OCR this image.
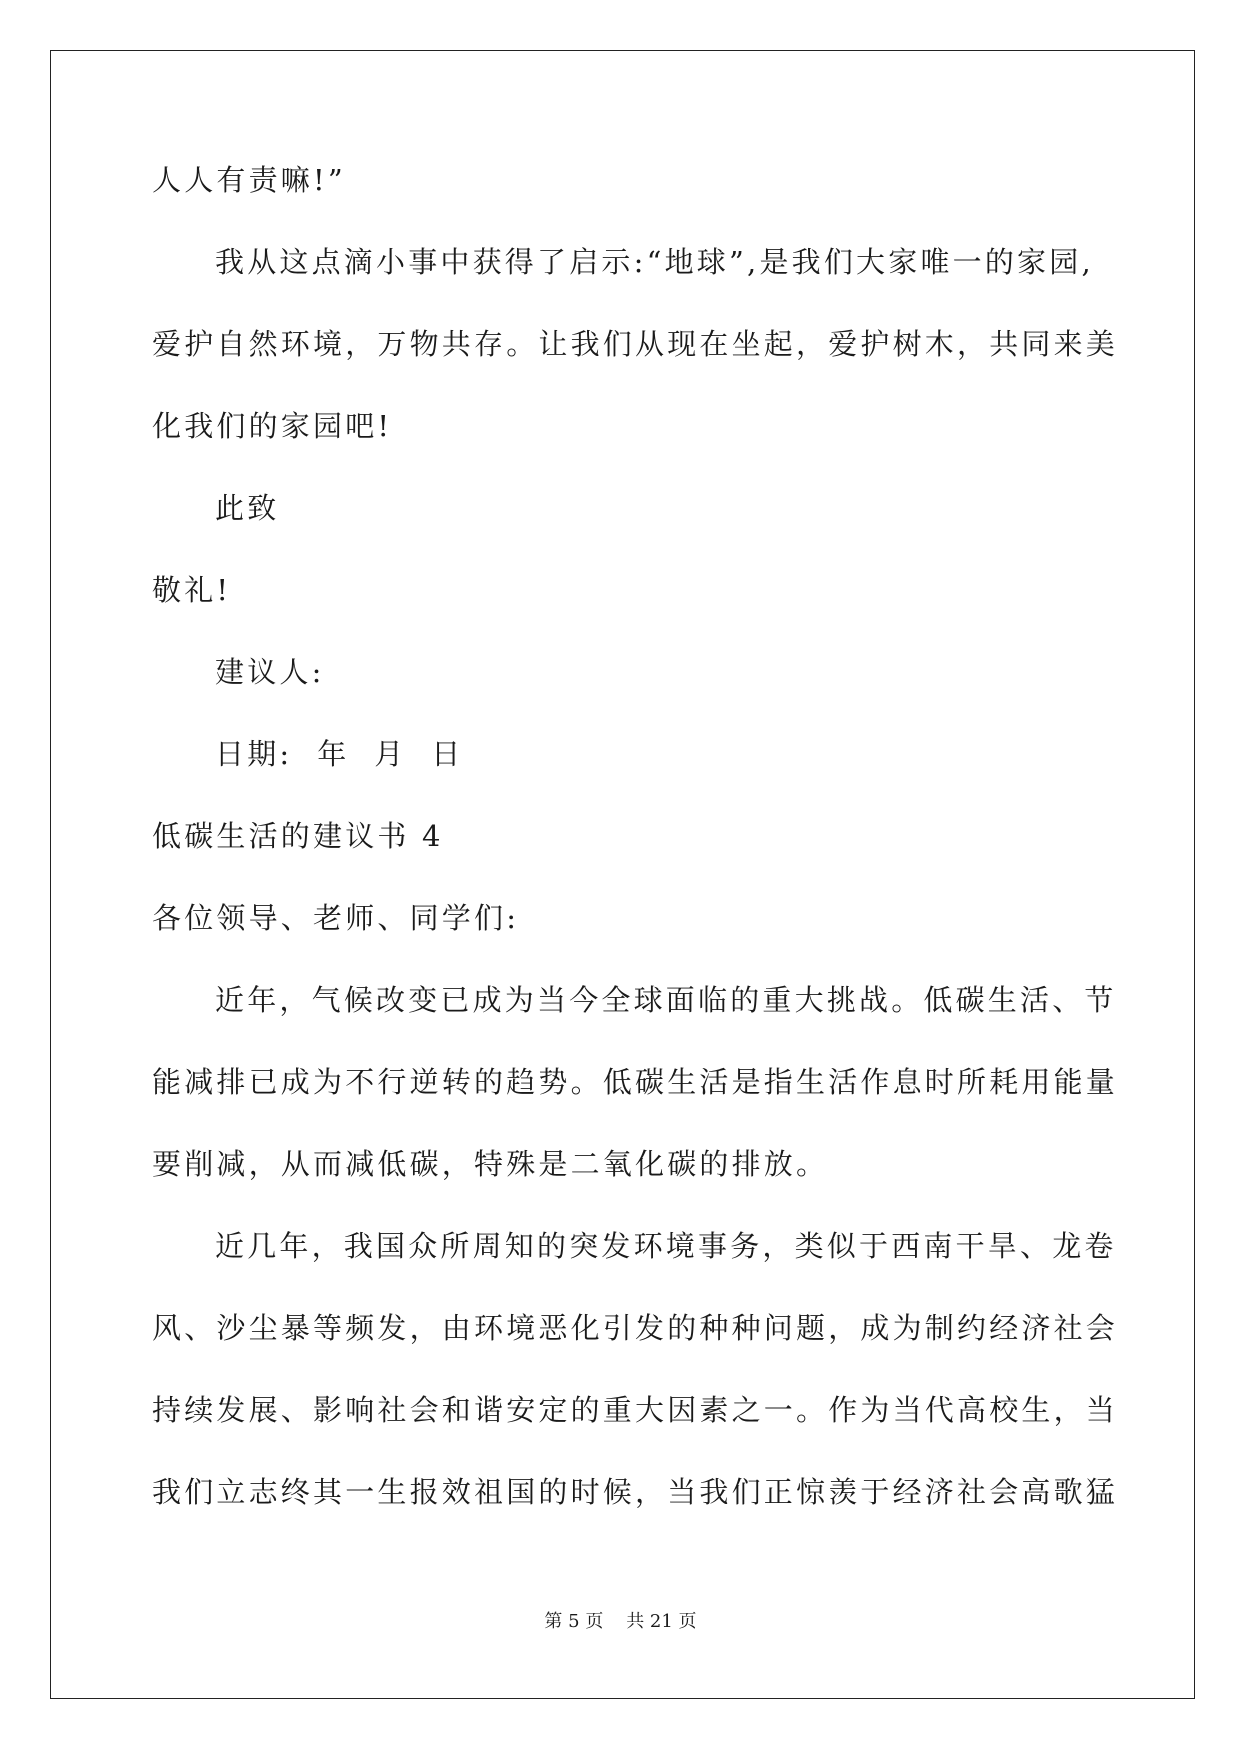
人人有责嘛!”
我从这点滴小事中获得了启示:“地球”,是我们大家唯一的家园,
爱护自然环境，万物共存。让我们从现在坐起，爱护树木，共同来美
化我们的家园吧!
此致
敬礼!
建议人:
日期:  年  月  日
低碳生活的建议书 4
各位领导、老师、同学们:
近年，气候改变已成为当今全球面临的重大挑战。低碳生活、节
能减排已成为不行逆转的趋势。低碳生活是指生活作息时所耗用能量
要削减，从而减低碳，特殊是二氧化碳的排放。
近几年，我国众所周知的突发环境事务，类似于西南干旱、龙卷
风、沙尘暴等频发，由环境恶化引发的种种问题，成为制约经济社会
持续发展、影响社会和谐安定的重大因素之一。作为当代高校生，当
我们立志终其一生报效祖国的时候，当我们正惊羡于经济社会高歌猛
第 5 页    共 21 页
